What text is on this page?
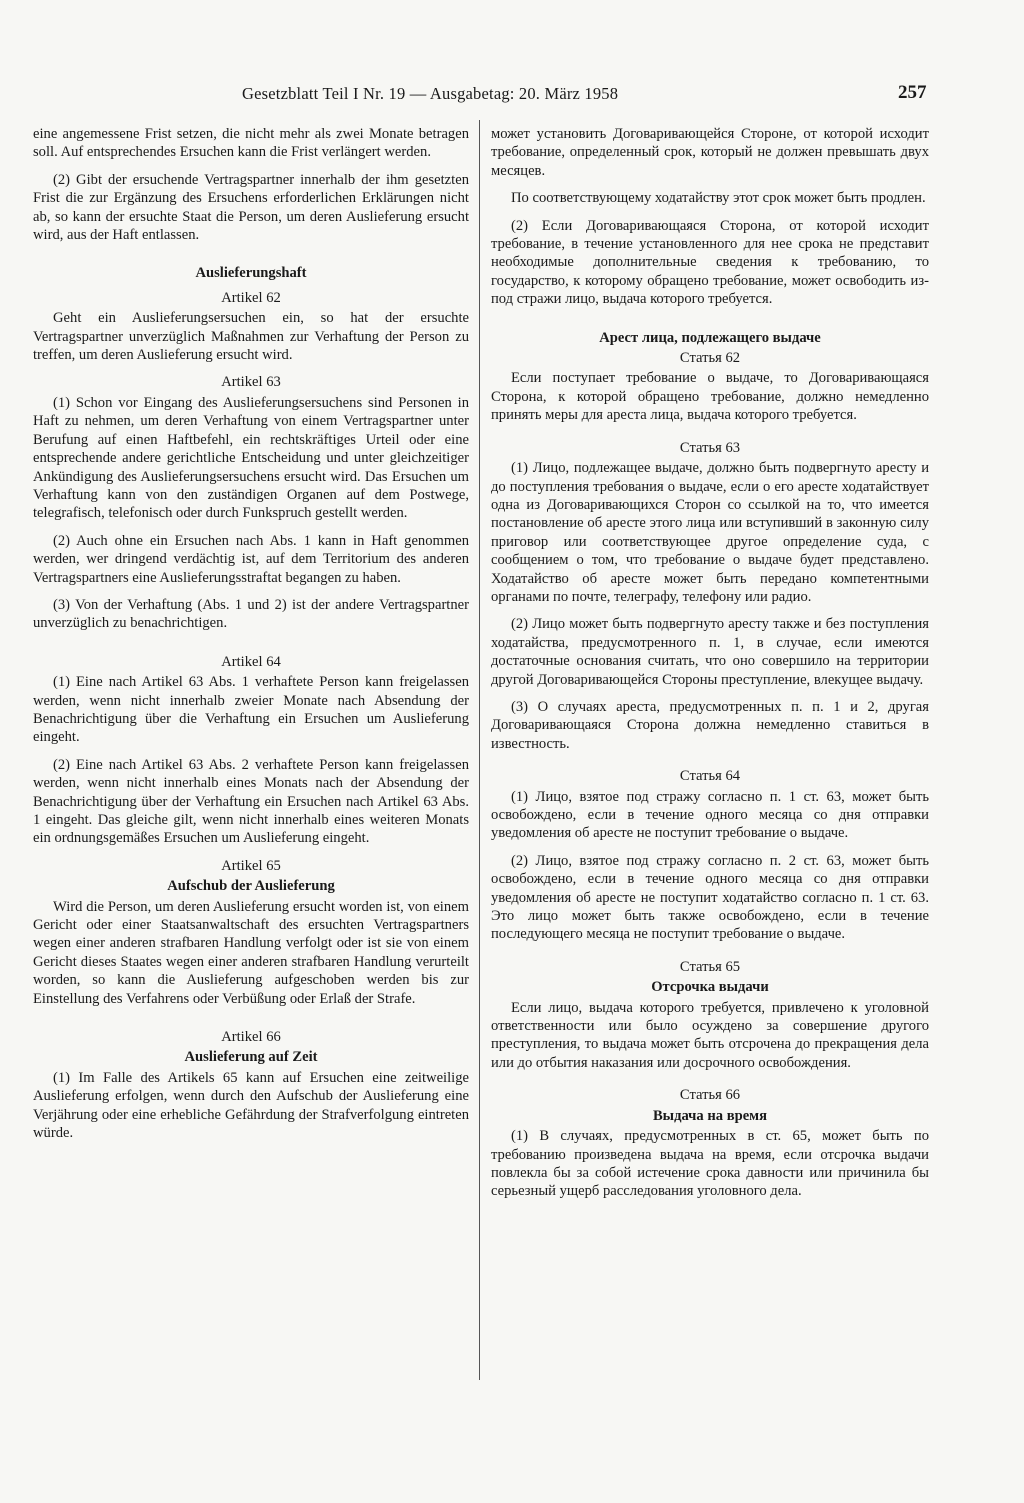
Gesetzblatt Teil I Nr. 19 — Ausgabetag: 20. März 1958	257

eine angemessene Frist setzen, die nicht mehr als zwei Monate betragen soll. Auf entsprechendes Ersuchen kann die Frist verlängert werden.

(2) Gibt der ersuchende Vertragspartner innerhalb der ihm gesetzten Frist die zur Ergänzung des Ersuchens erforderlichen Erklärungen nicht ab, so kann der ersuchte Staat die Person, um deren Auslieferung ersucht wird, aus der Haft entlassen.

Auslieferungshaft
Artikel 62

Geht ein Auslieferungsersuchen ein, so hat der ersuchte Vertragspartner unverzüglich Maßnahmen zur Verhaftung der Person zu treffen, um deren Auslieferung ersucht wird.

Artikel 63

(1) Schon vor Eingang des Auslieferungsersuchens sind Personen in Haft zu nehmen, um deren Verhaftung von einem Vertragspartner unter Berufung auf einen Haftbefehl, ein rechtskräftiges Urteil oder eine entsprechende andere gerichtliche Entscheidung und unter gleichzeitiger Ankündigung des Auslieferungsersuchens ersucht wird. Das Ersuchen um Verhaftung kann von den zuständigen Organen auf dem Postwege, telegrafisch, telefonisch oder durch Funkspruch gestellt werden.

(2) Auch ohne ein Ersuchen nach Abs. 1 kann in Haft genommen werden, wer dringend verdächtig ist, auf dem Territorium des anderen Vertragspartners eine Auslieferungsstraftat begangen zu haben.

(3) Von der Verhaftung (Abs. 1 und 2) ist der andere Vertragspartner unverzüglich zu benachrichtigen.

Artikel 64

(1) Eine nach Artikel 63 Abs. 1 verhaftete Person kann freigelassen werden, wenn nicht innerhalb zweier Monate nach Absendung der Benachrichtigung über die Verhaftung ein Ersuchen um Auslieferung eingeht.

(2) Eine nach Artikel 63 Abs. 2 verhaftete Person kann freigelassen werden, wenn nicht innerhalb eines Monats nach der Absendung der Benachrichtigung über der Verhaftung ein Ersuchen nach Artikel 63 Abs. 1 eingeht. Das gleiche gilt, wenn nicht innerhalb eines weiteren Monats ein ordnungsgemäßes Ersuchen um Auslieferung eingeht.

Artikel 65
Aufschub der Auslieferung

Wird die Person, um deren Auslieferung ersucht worden ist, von einem Gericht oder einer Staatsanwaltschaft des ersuchten Vertragspartners wegen einer anderen strafbaren Handlung verfolgt oder ist sie von einem Gericht dieses Staates wegen einer anderen strafbaren Handlung verurteilt worden, so kann die Auslieferung aufgeschoben werden bis zur Einstellung des Verfahrens oder Verbüßung oder Erlaß der Strafe.

Artikel 66
Auslieferung auf Zeit

(1) Im Falle des Artikels 65 kann auf Ersuchen eine zeitweilige Auslieferung erfolgen, wenn durch den Aufschub der Auslieferung eine Verjährung oder eine erhebliche Gefährdung der Strafverfolgung eintreten würde.

может установить Договаривающейся Стороне, от которой исходит требование, определенный срок, который не должен превышать двух месяцев.

По соответствующему ходатайству этот срок может быть продлен.

(2) Если Договаривающаяся Сторона, от которой исходит требование, в течение установленного для нее срока не представит необходимые дополнительные сведения к требованию, то государство, к которому обращено требование, может освободить из-под стражи лицо, выдача которого требуется.

Арест лица, подлежащего выдаче
Статья 62

Если поступает требование о выдаче, то Договаривающаяся Сторона, к которой обращено требование, должно немедленно принять меры для ареста лица, выдача которого требуется.

Статья 63

(1) Лицо, подлежащее выдаче, должно быть подвергнуто аресту и до поступления требования о выдаче, если о его аресте ходатайствует одна из Договаривающихся Сторон со ссылкой на то, что имеется постановление об аресте этого лица или вступивший в законную силу приговор или соответствующее другое определение суда, с сообщением о том, что требование о выдаче будет представлено. Ходатайство об аресте может быть передано компетентными органами по почте, телеграфу, телефону или радио.

(2) Лицо может быть подвергнуто аресту также и без поступления ходатайства, предусмотренного п. 1, в случае, если имеются достаточные основания считать, что оно совершило на территории другой Договаривающейся Стороны преступление, влекущее выдачу.

(3) О случаях ареста, предусмотренных п. п. 1 и 2, другая Договаривающаяся Сторона должна немедленно ставиться в известность.

Статья 64

(1) Лицо, взятое под стражу согласно п. 1 ст. 63, может быть освобождено, если в течение одного месяца со дня отправки уведомления об аресте не поступит требование о выдаче.

(2) Лицо, взятое под стражу согласно п. 2 ст. 63, может быть освобождено, если в течение одного месяца со дня отправки уведомления об аресте не поступит ходатайство согласно п. 1 ст. 63. Это лицо может быть также освобождено, если в течение последующего месяца не поступит требование о выдаче.

Статья 65
Отсрочка выдачи

Если лицо, выдача которого требуется, привлечено к уголовной ответственности или было осуждено за совершение другого преступления, то выдача может быть отсрочена до прекращения дела или до отбытия наказания или досрочного освобождения.

Статья 66
Выдача на время

(1) В случаях, предусмотренных в ст. 65, может быть по требованию произведена выдача на время, если отсрочка выдачи повлекла бы за собой истечение срока давности или причинила бы серьезный ущерб расследования уголовного дела.
